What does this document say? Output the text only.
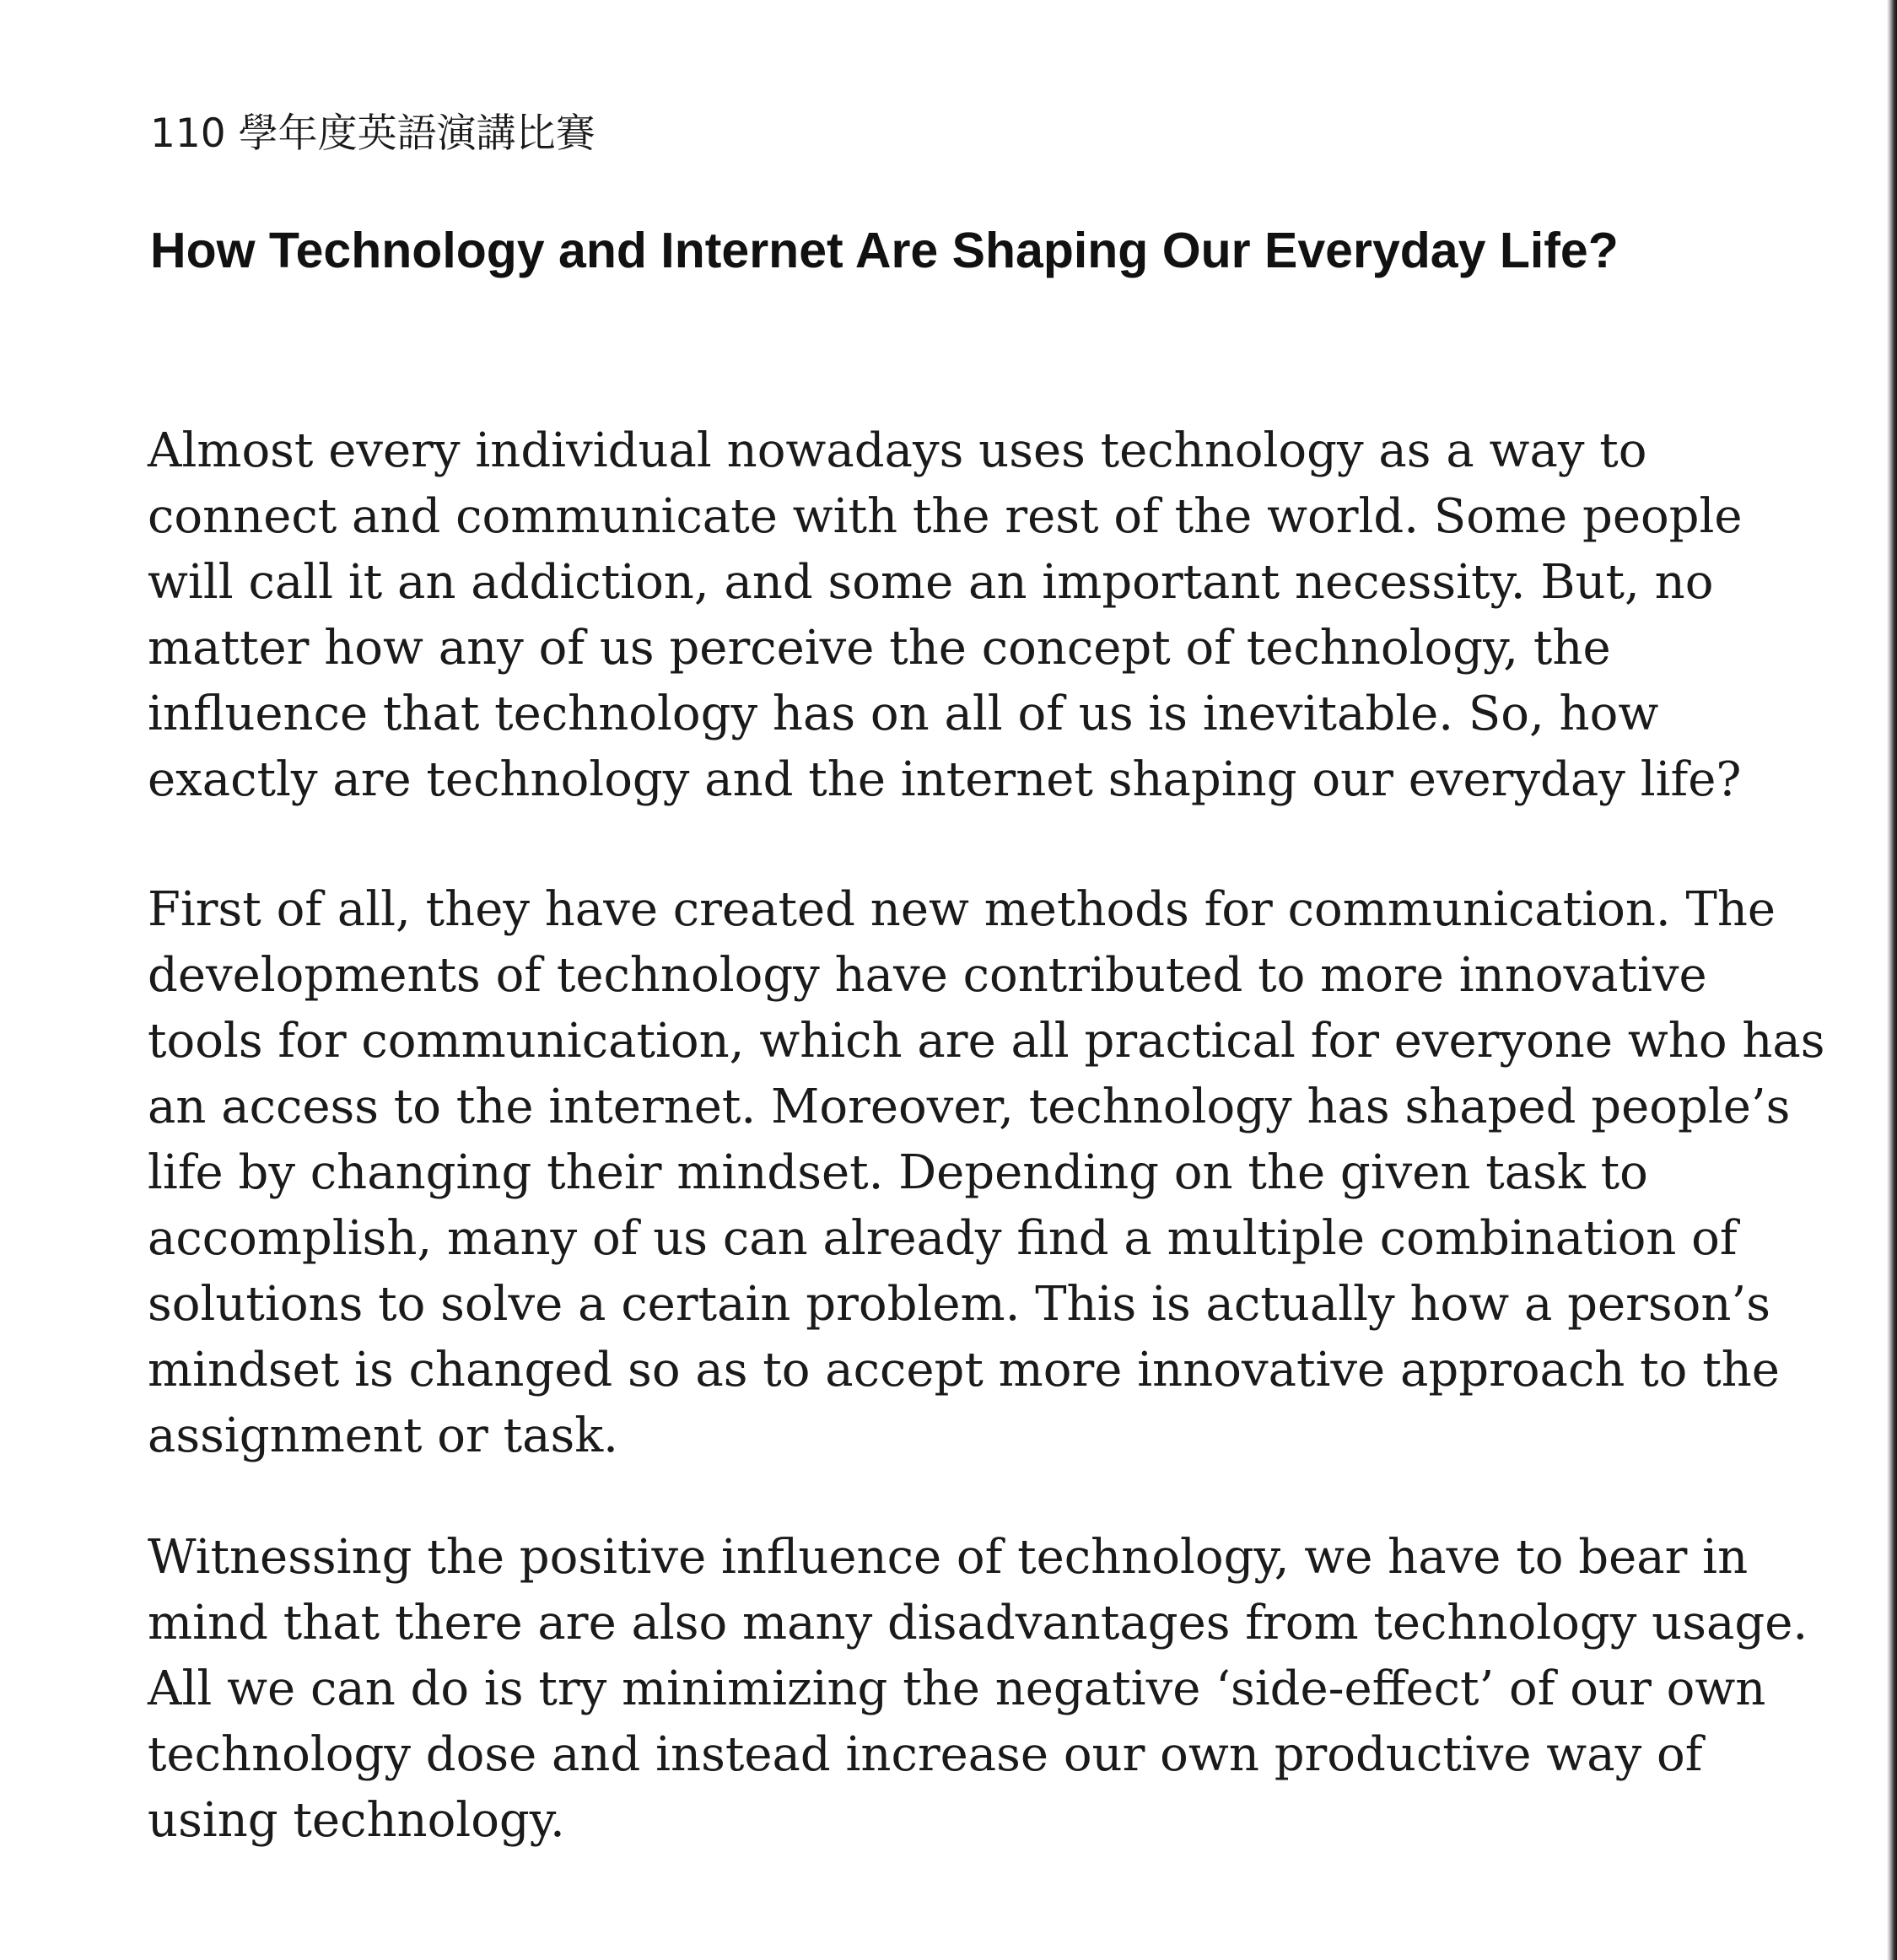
110 學年度英語演講比賽
How Technology and Internet Are Shaping Our Everyday Life?

Almost every individual nowadays uses technology as a way to
connect and communicate with the rest of the world. Some people
will call it an addiction, and some an important necessity. But, no
matter how any of us perceive the concept of technology, the
influence that technology has on all of us is inevitable. So, how
exactly are technology and the internet shaping our everyday life?

First of all, they have created new methods for communication. The
developments of technology have contributed to more innovative
tools for communication, which are all practical for everyone who has
an access to the internet. Moreover, technology has shaped people’s
life by changing their mindset. Depending on the given task to
accomplish, many of us can already find a multiple combination of
solutions to solve a certain problem. This is actually how a person’s
mindset is changed so as to accept more innovative approach to the
assignment or task.

Witnessing the positive influence of technology, we have to bear in
mind that there are also many disadvantages from technology usage.
All we can do is try minimizing the negative ‘side-effect’ of our own
technology dose and instead increase our own productive way of
using technology.
